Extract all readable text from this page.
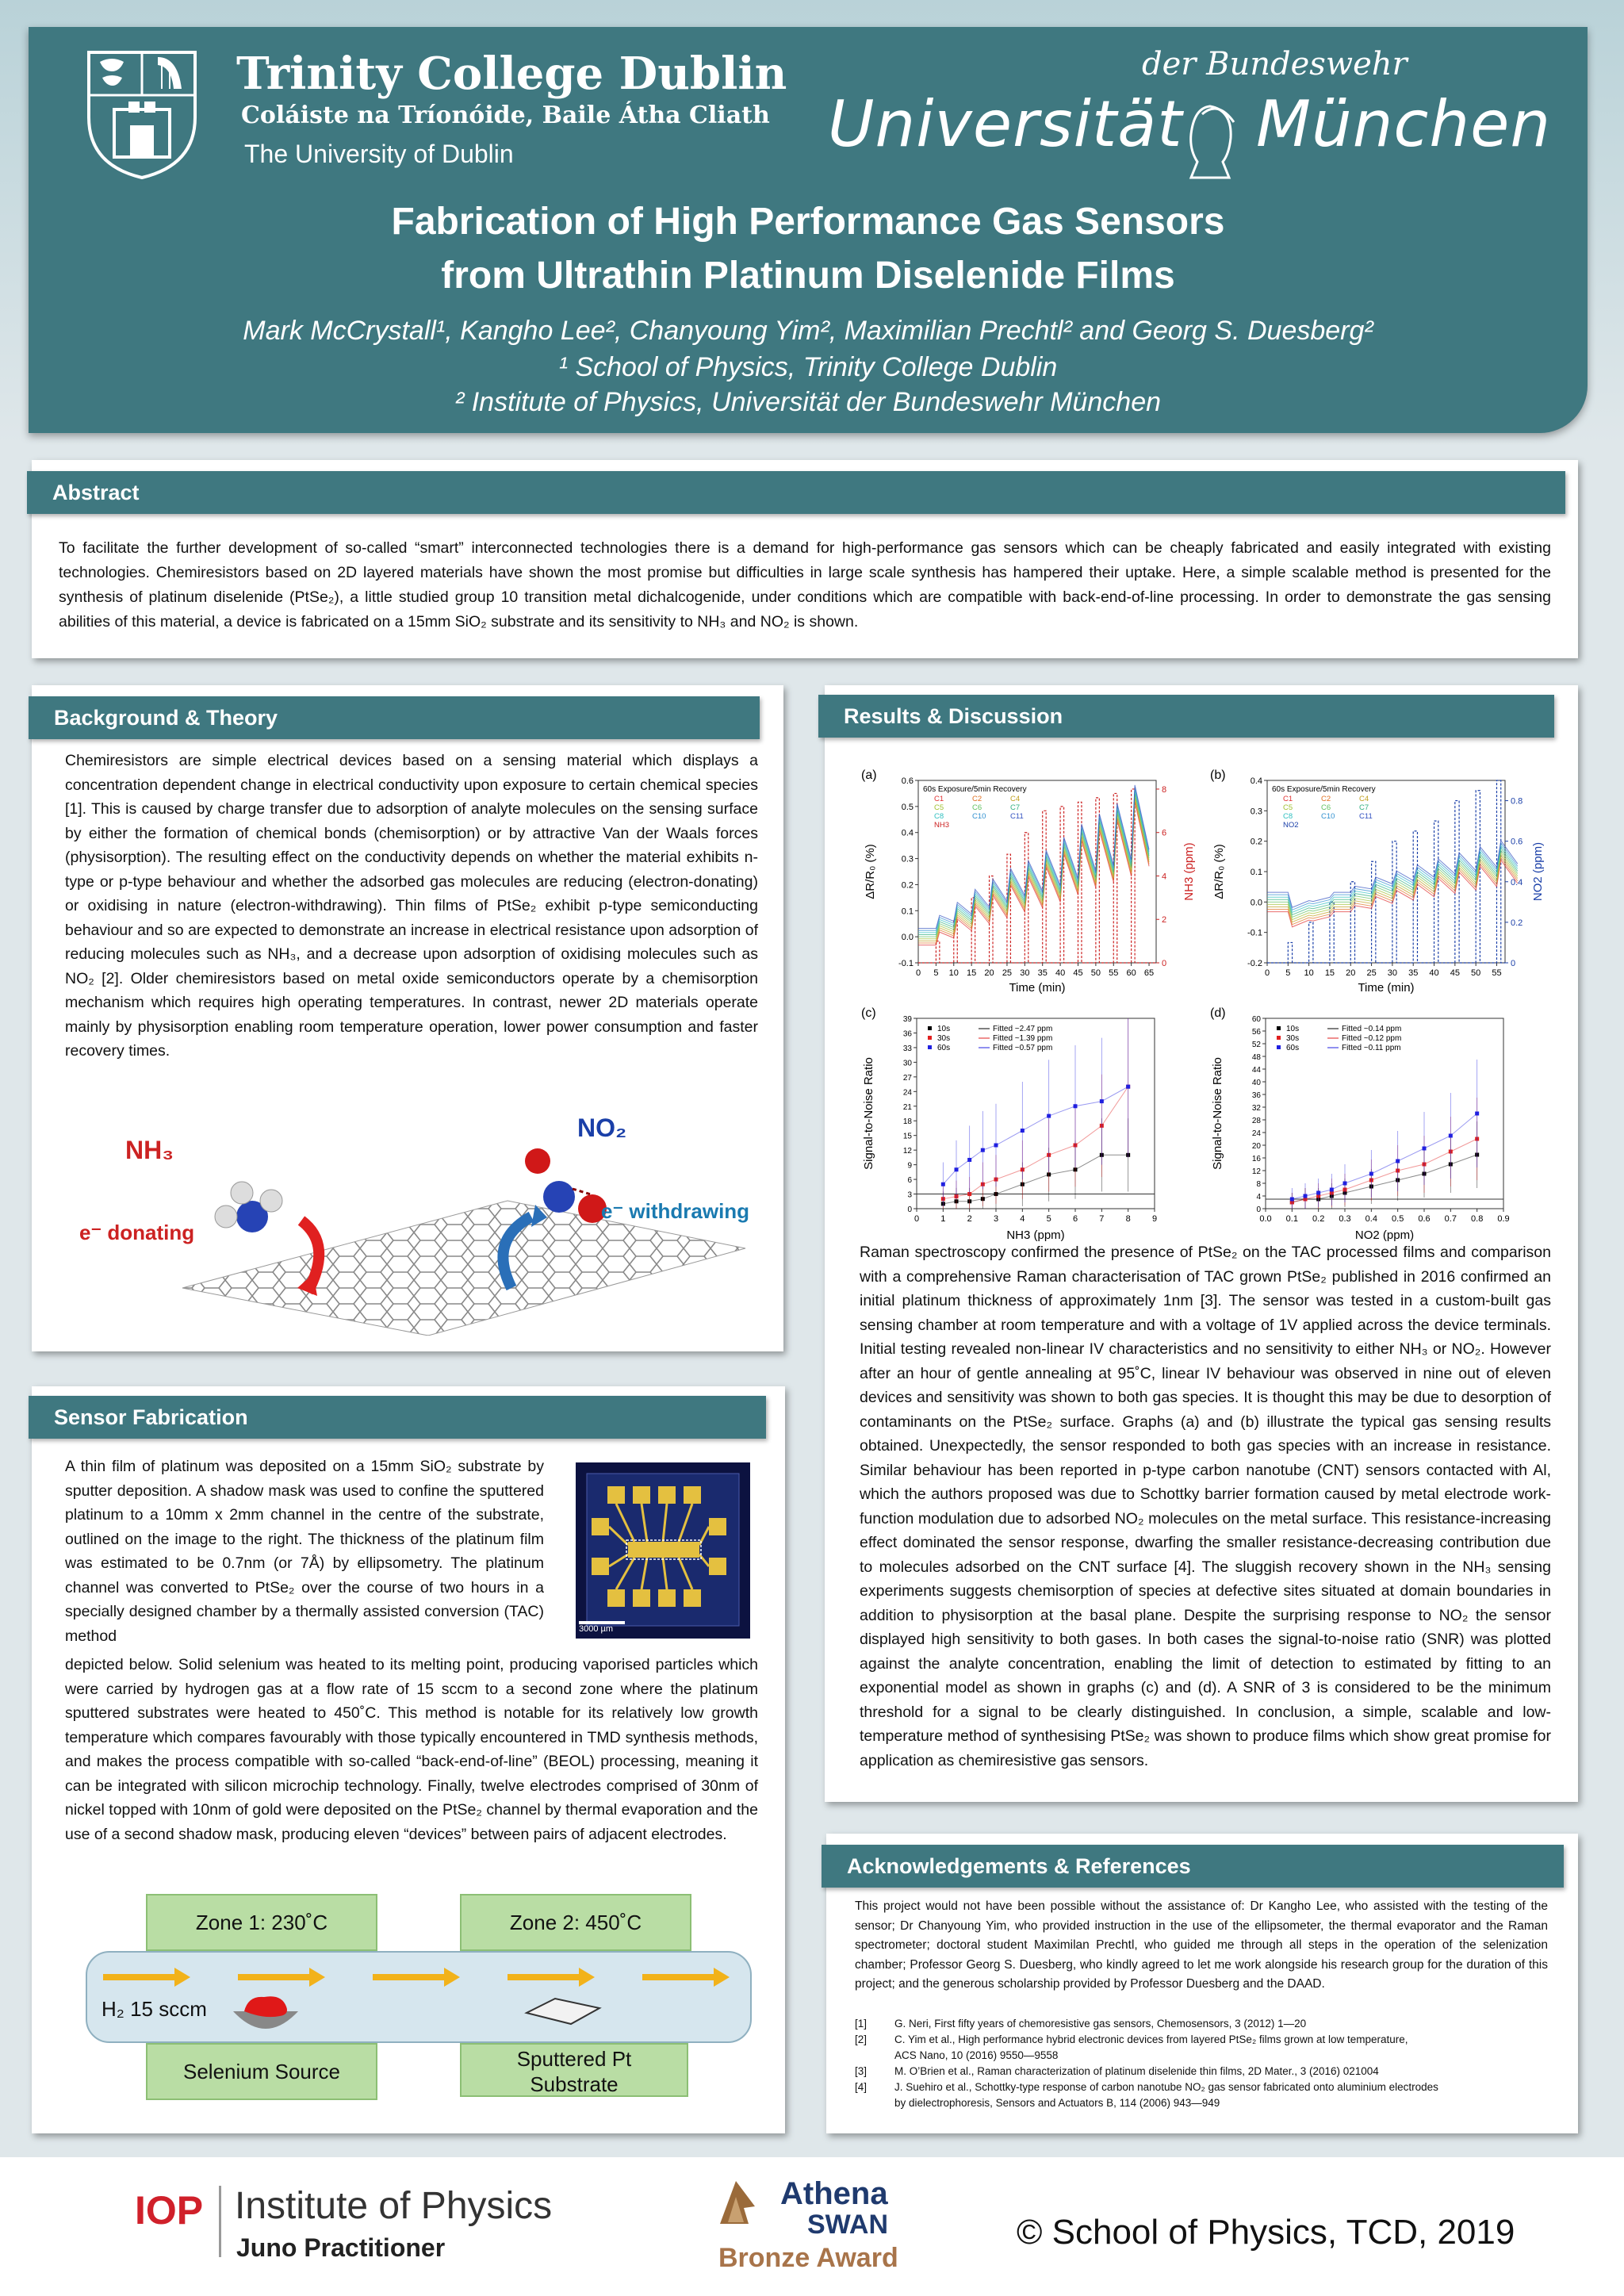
Trinity College Dublin
Coláiste na Tríonóide, Baile Átha Cliath
The University of Dublin
der Bundeswehr
Universität München
Fabrication of High Performance Gas Sensors
from Ultrathin Platinum Diselenide Films
Mark McCrystall¹, Kangho Lee², Chanyoung Yim², Maximilian Prechtl² and Georg S. Duesberg²
¹ School of Physics, Trinity College Dublin
² Institute of Physics, Universität der Bundeswehr München
Abstract
To facilitate the further development of so-called “smart” interconnected technologies there is a demand for high-performance gas sensors which can be cheaply fabricated and easily integrated with existing technologies. Chemiresistors based on 2D layered materials have shown the most promise but difficulties in large scale synthesis has hampered their uptake. Here, a simple scalable method is presented for the synthesis of platinum diselenide (PtSe₂), a little studied group 10 transition metal dichalcogenide, under conditions which are compatible with back-end-of-line processing. In order to demonstrate the gas sensing abilities of this material, a device is fabricated on a 15mm SiO₂ substrate and its sensitivity to NH₃ and NO₂ is shown.
Background & Theory
Chemiresistors are simple electrical devices based on a sensing material which displays a concentration dependent change in electrical conductivity upon exposure to certain chemical species [1]. This is caused by charge transfer due to adsorption of analyte molecules on the sensing surface by either the formation of chemical bonds (chemisorption) or by attractive Van der Waals forces (physisorption). The resulting effect on the conductivity depends on whether the material exhibits n-type or p-type behaviour and whether the adsorbed gas molecules are reducing (electron-donating) or oxidising in nature (electron-withdrawing). Thin films of PtSe₂ exhibit p-type semiconducting behaviour and so are expected to demonstrate an increase in electrical resistance upon adsorption of reducing molecules such as NH₃, and a decrease upon adsorption of oxidising molecules such as NO₂ [2]. Older chemiresistors based on metal oxide semiconductors operate by a chemisorption mechanism which requires high operating temperatures. In contrast, newer 2D materials operate mainly by physisorption enabling room temperature operation, lower power consumption and faster recovery times.
NH₃
NO₂
e⁻ donating
e⁻ withdrawing
Sensor Fabrication
A thin film of platinum was deposited on a 15mm SiO₂ substrate by sputter deposition. A shadow mask was used to confine the sputtered platinum to a 10mm x 2mm channel in the centre of the substrate, outlined on the image to the right. The thickness of the platinum film was estimated to be 0.7nm (or 7Å) by ellipsometry. The platinum channel was converted to PtSe₂ over the course of two hours in a specially designed chamber by a thermally assisted conversion (TAC) method
depicted below. Solid selenium was heated to its melting point, producing vaporised particles which were carried by hydrogen gas at a flow rate of 15 sccm to a second zone where the platinum sputtered substrates were heated to 450˚C. This method is notable for its relatively low growth temperature which compares favourably with those typically encountered in TMD synthesis methods, and makes the process compatible with so-called “back-end-of-line” (BEOL) processing, meaning it can be integrated with silicon microchip technology. Finally, twelve electrodes comprised of 30nm of nickel topped with 10nm of gold were deposited on the PtSe₂ channel by thermal evaporation and the use of a second shadow mask, producing eleven “devices” between pairs of adjacent electrodes.
3000 µm
Zone 1: 230˚C	Zone 2: 450˚C
H₂ 15 sccm
Selenium Source
Sputtered Pt
Substrate
Results & Discussion
(a)
0 5 10 15 20 25 30 35 40 45 50 55 60 65
-0.1
0.0
0.1
0.2
0.3
0.4
0.5
0.6
0
2
4
6
8
Time (min)
ΔR/R₀ (%)	NH3 (ppm)
60s Exposure/5min Recovery
C1	C2	C4
C5	C6	C7
C8	C10	C11
NH3
(b)
0 5 10 15 20 25 30 35 40 45 50 55
-0.2
-0.1
0.0
0.1
0.2
0.3
0.4
0
0.2
0.4
0.6
0.8
Time (min)
ΔR/R₀ (%)	NO2 (ppm)
60s Exposure/5min Recovery
C1	C2	C4
C5	C6	C7
C8	C10	C11
NO2
(c)
0 1 2 3 4 5 6 7 8 9
0
3
6
9
12
15
18
21
24
27
30
33
36
39
NH3 (ppm)
Signal-to-Noise Ratio
10s	Fitted ~2.47 ppm
30s	Fitted ~1.39 ppm
60s	Fitted ~0.57 ppm
(d)
0.0 0.1 0.2 0.3 0.4 0.5 0.6 0.7 0.8 0.9
0
4
8
12
16
20
24
28
32
36
40
44
48
52
56
60
NO2 (ppm)
Signal-to-Noise Ratio
10s	Fitted ~0.14 ppm
30s	Fitted ~0.12 ppm
60s	Fitted ~0.11 ppm
Raman spectroscopy confirmed the presence of PtSe₂ on the TAC processed films and comparison with a comprehensive Raman characterisation of TAC grown PtSe₂ published in 2016 confirmed an initial platinum thickness of approximately 1nm [3]. The sensor was tested in a custom-built gas sensing chamber at room temperature and with a voltage of 1V applied across the device terminals. Initial testing revealed non-linear IV characteristics and no sensitivity to either NH₃ or NO₂. However after an hour of gentle annealing at 95˚C, linear IV behaviour was observed in nine out of eleven devices and sensitivity was shown to both gas species. It is thought this may be due to desorption of contaminants on the PtSe₂ surface. Graphs (a) and (b) illustrate the typical gas sensing results obtained. Unexpectedly, the sensor responded to both gas species with an increase in resistance. Similar behaviour has been reported in p-type carbon nanotube (CNT) sensors contacted with Al, which the authors proposed was due to Schottky barrier formation caused by metal electrode work-function modulation due to adsorbed NO₂ molecules on the metal surface. This resistance-increasing effect dominated the sensor response, dwarfing the smaller resistance-decreasing contribution due to molecules adsorbed on the CNT surface [4]. The sluggish recovery shown in the NH₃ sensing experiments suggests chemisorption of species at defective sites situated at domain boundaries in addition to physisorption at the basal plane. Despite the surprising response to NO₂ the sensor displayed high sensitivity to both gases. In both cases the signal-to-noise ratio (SNR) was plotted against the analyte concentration, enabling the limit of detection to estimated by fitting to an exponential model as shown in graphs (c) and (d). A SNR of 3 is considered to be the minimum threshold for a signal to be clearly distinguished. In conclusion, a simple, scalable and low-temperature method of synthesising PtSe₂ was shown to produce films which show great promise for application as chemiresistive gas sensors.
Acknowledgements & References
This project would not have been possible without the assistance of: Dr Kangho Lee, who assisted with the testing of the sensor; Dr Chanyoung Yim, who provided instruction in the use of the ellipsometer, the thermal evaporator and the Raman spectrometer; doctoral student Maximilan Prechtl, who guided me through all steps in the operation of the selenization chamber; Professor Georg S. Duesberg, who kindly agreed to let me work alongside his research group for the duration of this project; and the generous scholarship provided by Professor Duesberg and the DAAD.
[1]	G. Neri, First fifty years of chemoresistive gas sensors, Chemosensors, 3 (2012) 1—20
[2]	C. Yim et al., High performance hybrid electronic devices from layered PtSe₂ films grown at low temperature,
ACS Nano, 10 (2016) 9550—9558
[3]	M. O’Brien et al., Raman characterization of platinum diselenide thin films, 2D Mater., 3 (2016) 021004
[4]	J. Suehiro et al., Schottky-type response of carbon nanotube NO₂ gas sensor fabricated onto aluminium electrodes
by dielectrophoresis, Sensors and Actuators B, 114 (2006) 943—949
IOP Institute of Physics
Juno Practitioner
Athena
SWAN
Bronze Award
© School of Physics, TCD, 2019
